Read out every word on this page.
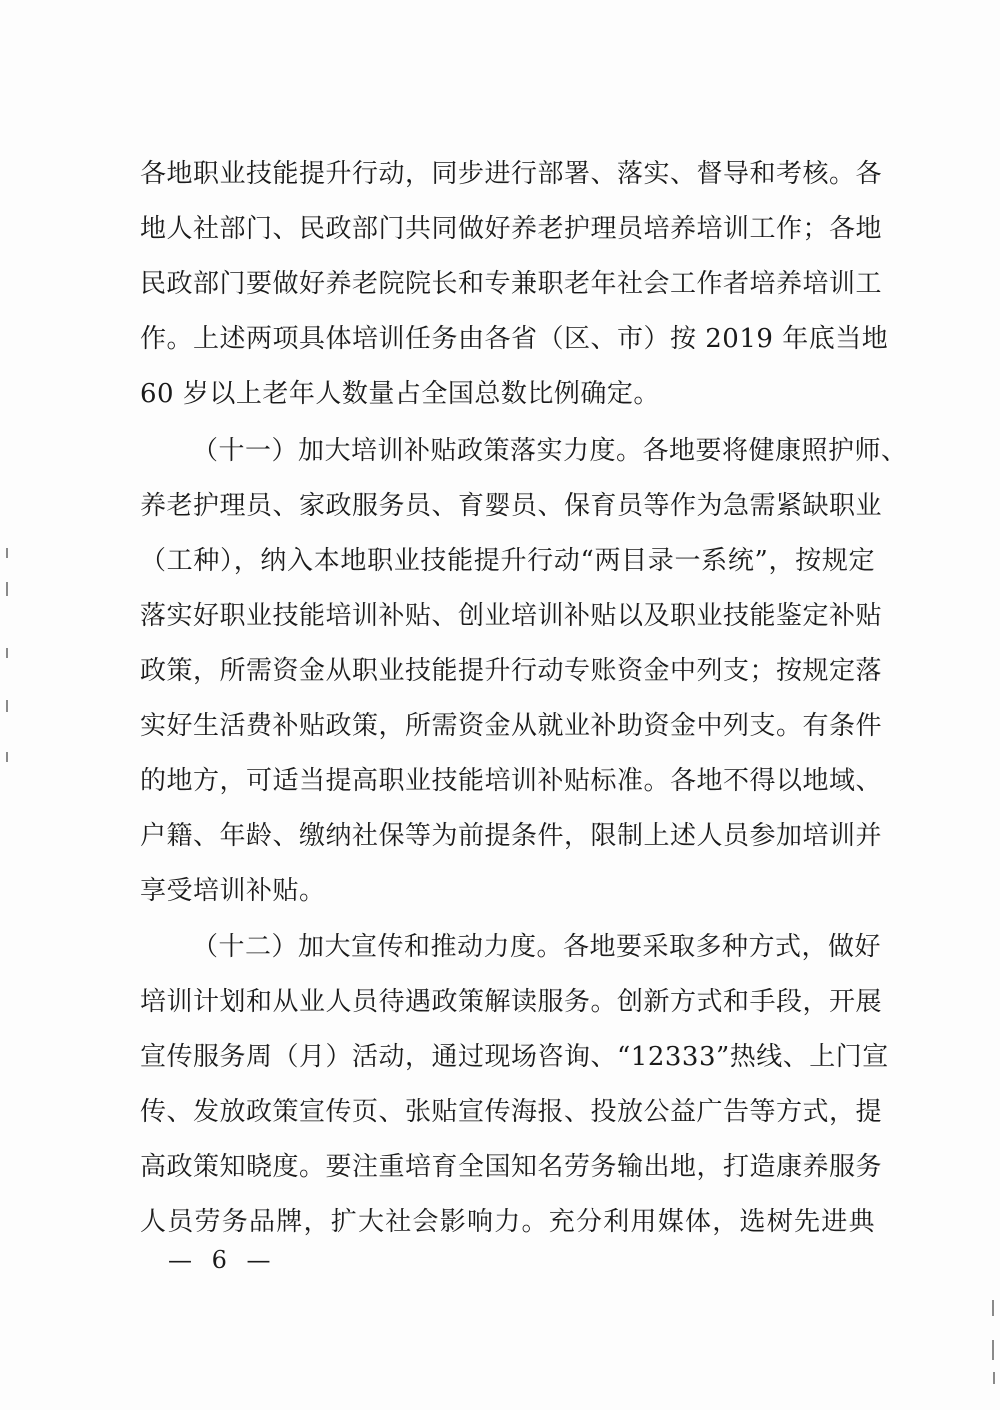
各地职业技能提升行动，同步进行部署、落实、督导和考核。各
地人社部门、民政部门共同做好养老护理员培养培训工作；各地
民政部门要做好养老院院长和专兼职老年社会工作者培养培训工
作。上述两项具体培训任务由各省（区、市）按 2019 年底当地
60 岁以上老年人数量占全国总数比例确定。
（十一）加大培训补贴政策落实力度。各地要将健康照护师、
养老护理员、家政服务员、育婴员、保育员等作为急需紧缺职业
（工种），纳入本地职业技能提升行动“两目录一系统”，按规定
落实好职业技能培训补贴、创业培训补贴以及职业技能鉴定补贴
政策，所需资金从职业技能提升行动专账资金中列支；按规定落
实好生活费补贴政策，所需资金从就业补助资金中列支。有条件
的地方，可适当提高职业技能培训补贴标准。各地不得以地域、
户籍、年龄、缴纳社保等为前提条件，限制上述人员参加培训并
享受培训补贴。
（十二）加大宣传和推动力度。各地要采取多种方式，做好
培训计划和从业人员待遇政策解读服务。创新方式和手段，开展
宣传服务周（月）活动，通过现场咨询、“12333”热线、上门宣
传、发放政策宣传页、张贴宣传海报、投放公益广告等方式，提
高政策知晓度。要注重培育全国知名劳务输出地，打造康养服务
人员劳务品牌，扩大社会影响力。充分利用媒体，选树先进典
— 6 —
